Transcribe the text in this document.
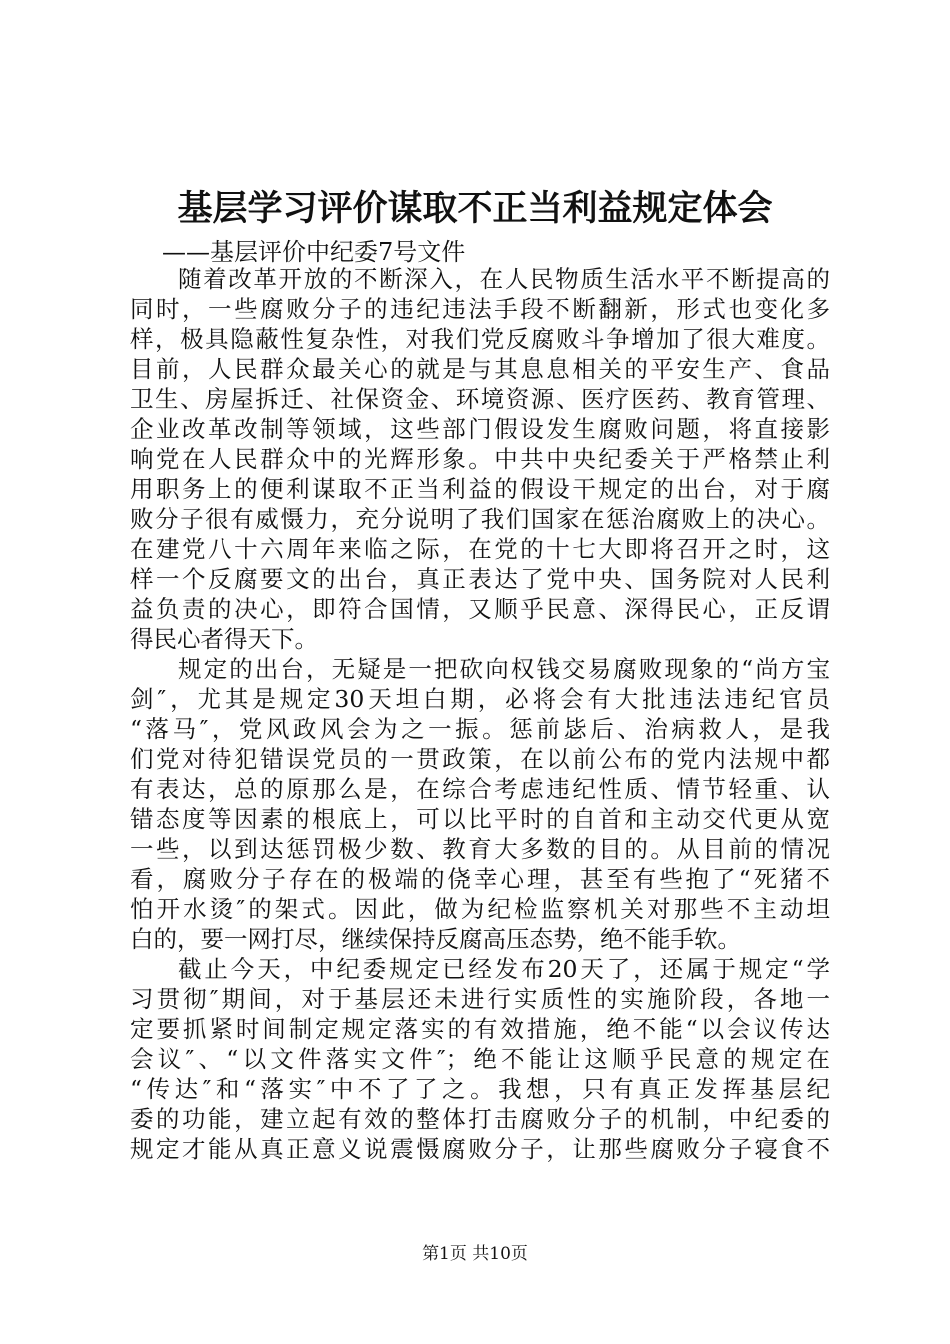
基层学习评价谋取不正当利益规定体会
——基层评价中纪委7号文件
随着改革开放的不断深入，在人民物质生活水平不断提高的
同时，一些腐败分子的违纪违法手段不断翻新，形式也变化多
样，极具隐蔽性复杂性，对我们党反腐败斗争增加了很大难度。
目前，人民群众最关心的就是与其息息相关的平安生产、食品
卫生、房屋拆迁、社保资金、环境资源、医疗医药、教育管理、
企业改革改制等领域，这些部门假设发生腐败问题，将直接影
响党在人民群众中的光辉形象。中共中央纪委关于严格禁止利
用职务上的便利谋取不正当利益的假设干规定的出台，对于腐
败分子很有威慑力，充分说明了我们国家在惩治腐败上的决心。
在建党八十六周年来临之际，在党的十七大即将召开之时，这
样一个反腐要文的出台，真正表达了党中央、国务院对人民利
益负责的决心，即符合国情，又顺乎民意、深得民心，正反谓
得民心者得天下。
规定的出台，无疑是一把砍向权钱交易腐败现象的“尚方宝
剑″，尤其是规定30天坦白期，必将会有大批违法违纪官员
“落马″，党风政风会为之一振。惩前毖后、治病救人，是我
们党对待犯错误党员的一贯政策，在以前公布的党内法规中都
有表达，总的原那么是，在综合考虑违纪性质、情节轻重、认
错态度等因素的根底上，可以比平时的自首和主动交代更从宽
一些，以到达惩罚极少数、教育大多数的目的。从目前的情况
看，腐败分子存在的极端的侥幸心理，甚至有些抱了“死猪不
怕开水烫″的架式。因此，做为纪检监察机关对那些不主动坦
白的，要一网打尽，继续保持反腐高压态势，绝不能手软。
截止今天，中纪委规定已经发布20天了，还属于规定“学
习贯彻″期间，对于基层还未进行实质性的实施阶段，各地一
定要抓紧时间制定规定落实的有效措施，绝不能“以会议传达
会议″、“以文件落实文件″；绝不能让这顺乎民意的规定在
“传达″和“落实″中不了了之。我想，只有真正发挥基层纪
委的功能，建立起有效的整体打击腐败分子的机制，中纪委的
规定才能从真正意义说震慑腐败分子，让那些腐败分子寝食不
第1页 共10页
